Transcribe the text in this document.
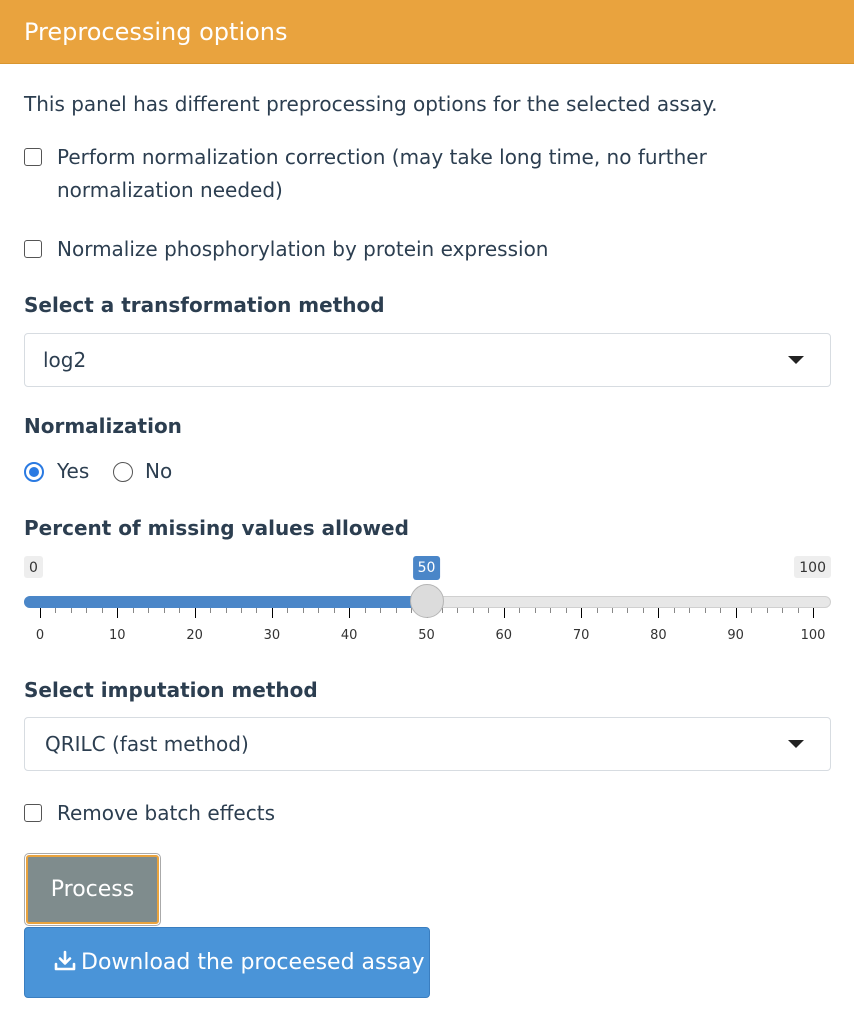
Preprocessing options
This panel has different preprocessing options for the selected assay.
Perform normalization correction (may take long time, no further
normalization needed)
Normalize phosphorylation by protein expression
Select a transformation method
log2
Normalization
Yes	No
Percent of missing values allowed
0	100
50
0	10	20	30	40	50	60	70	80	90	100
Select imputation method
QRILC (fast method)
Remove batch effects
Process
Download the proceesed assay
